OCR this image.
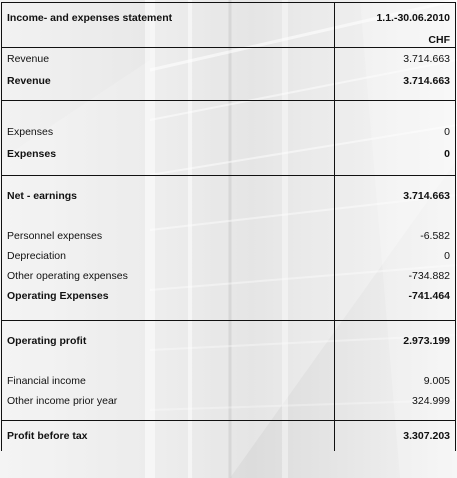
Income- and expenses statement	1.1.-30.06.2010
	CHF
Revenue	3.714.663
Revenue	3.714.663

Expenses	0
Expenses	0

Net - earnings	3.714.663

Personnel expenses	-6.582
Depreciation	0
Other operating expenses	-734.882
Operating Expenses	-741.464

Operating profit	2.973.199

Financial income	9.005
Other income prior year	324.999

Profit before tax	3.307.203
